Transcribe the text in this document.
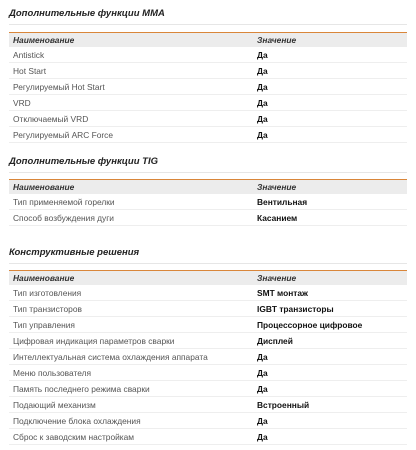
Дополнительные функции ММА
Наименование	Значение
Antistick	Да
Hot Start	Да
Регулируемый Hot Start	Да
VRD	Да
Отключаемый VRD	Да
Регулируемый ARC Force	Да
Дополнительные функции TIG
Наименование	Значение
Тип применяемой горелки	Вентильная
Способ возбуждения дуги	Касанием
Конструктивные решения
Наименование	Значение
Тип изготовления	SMT монтаж
Тип транзисторов	IGBT транзисторы
Тип управления	Процессорное цифровое
Цифровая индикация параметров сварки	Дисплей
Интеллектуальная система охлаждения аппарата	Да
Меню пользователя	Да
Память последнего режима сварки	Да
Подающий механизм	Встроенный
Подключение блока охлаждения	Да
Сброс к заводским настройкам	Да
